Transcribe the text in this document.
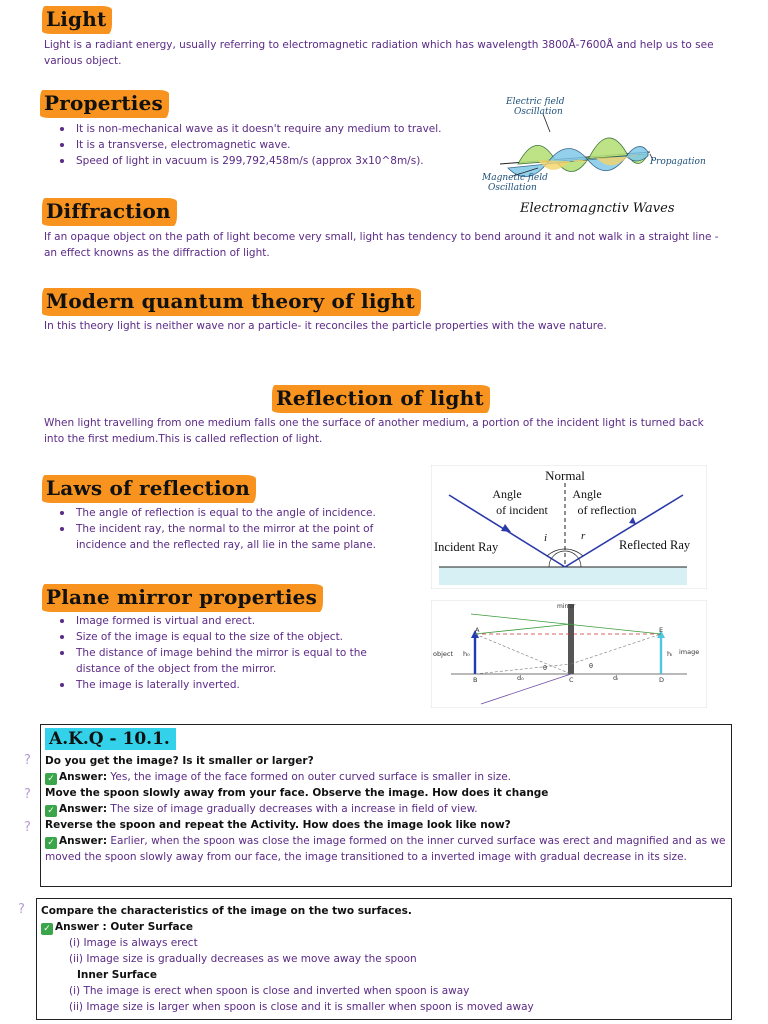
Light
Light is a radiant energy, usually referring to electromagnetic radiation which has wavelength 3800Å-7600Å and help us to see various object.
Properties
It is non-mechanical wave as it doesn't require any medium to travel.
It is a transverse, electromagnetic wave.
Speed of light in vacuum is 299,792,458m/s (approx 3x10^8m/s).
Electric field
Oscillation
Magnetic field
Oscillation
Propagation
Electromagnctiv Waves
Diffraction
If an opaque object on the path of light become very small, light has tendency to bend around it and not walk in a straight line - an effect knowns as the diffraction of light.
Modern quantum theory of light
In this theory light is neither wave nor a particle- it reconciles the particle properties with the wave nature.
Reflection of light
When light travelling from one medium falls one the surface of another medium, a portion of the incident light is turned back into the first medium.This is called reflection of light.
Laws of reflection
The angle of reflection is equal to the angle of incidence.
The incident ray, the normal to the mirror at the point of incidence and the reflected ray, all lie in the same plane.
Normal
Angle
of incident
Angle
of reflection
i	r
Incident Ray	Reflected Ray
Plane mirror properties
Image formed is virtual and erect.
Size of the image is equal to the size of the object.
The distance of image behind the mirror is equal to the distance of the object from the mirror.
The image is laterally inverted.
mirror
object	image
h₀	hᵢ
A
B	C	D
E
d₀	dᵢ
θ	θ
?
?
?
A.K.Q - 10.1.
Do you get the image? Is it smaller or larger?
✓ Answer: Yes, the image of the face formed on outer curved surface is smaller in size.
Move the spoon slowly away from your face. Observe the image. How does it change
✓ Answer: The size of image gradually decreases with a increase in field of view.
Reverse the spoon and repeat the Activity. How does the image look like now?
✓ Answer: Earlier, when the spoon was close the image formed on the inner curved surface was erect and magnified and as we moved the spoon slowly away from our face, the image transitioned to a inverted image with gradual decrease in its size.
? Compare the characteristics of the image on the two surfaces.
✓ Answer : Outer Surface
(i) Image is always erect
(ii) Image size is gradually decreases as we move away the spoon
Inner Surface
(i) The image is erect when spoon is close and inverted when spoon is away
(ii) Image size is larger when spoon is close and it is smaller when spoon is moved away
